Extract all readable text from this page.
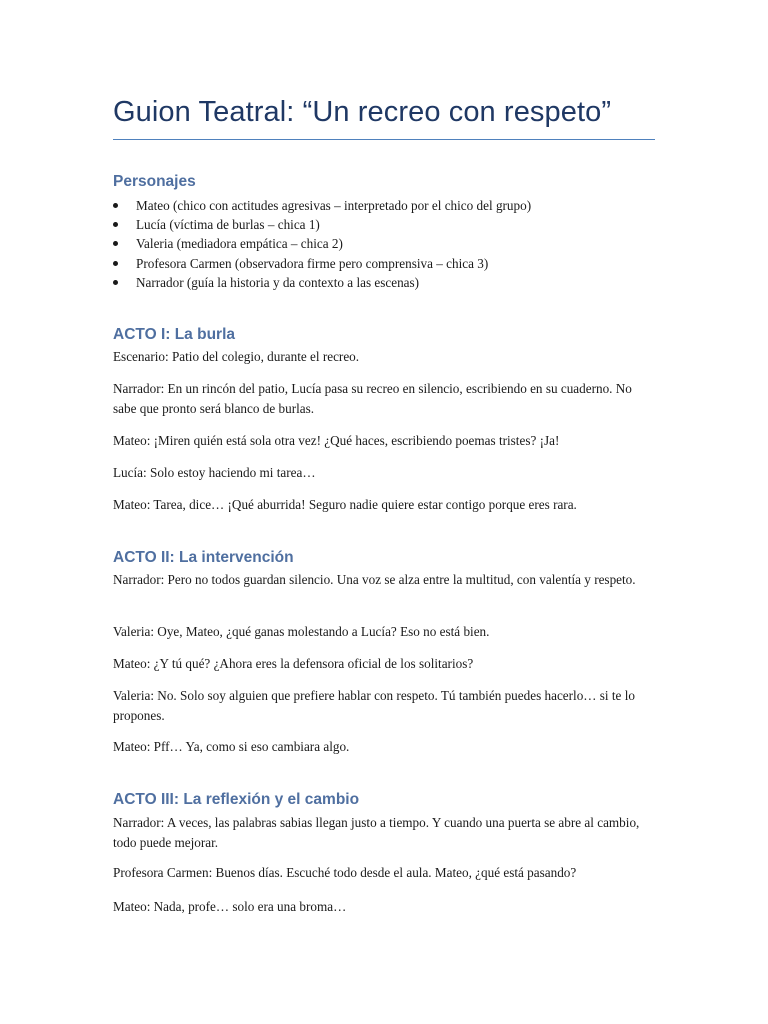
Guion Teatral: “Un recreo con respeto”
Personajes
Mateo (chico con actitudes agresivas – interpretado por el chico del grupo)
Lucía (víctima de burlas – chica 1)
Valeria (mediadora empática – chica 2)
Profesora Carmen (observadora firme pero comprensiva – chica 3)
Narrador (guía la historia y da contexto a las escenas)
ACTO I: La burla

Escenario: Patio del colegio, durante el recreo.

Narrador: En un rincón del patio, Lucía pasa su recreo en silencio, escribiendo en su cuaderno. No sabe que pronto será blanco de burlas.

Mateo: ¡Miren quién está sola otra vez! ¿Qué haces, escribiendo poemas tristes? ¡Ja!

Lucía: Solo estoy haciendo mi tarea…

Mateo: Tarea, dice… ¡Qué aburrida! Seguro nadie quiere estar contigo porque eres rara.

ACTO II: La intervención

Narrador: Pero no todos guardan silencio. Una voz se alza entre la multitud, con valentía y respeto.

Valeria: Oye, Mateo, ¿qué ganas molestando a Lucía? Eso no está bien.

Mateo: ¿Y tú qué? ¿Ahora eres la defensora oficial de los solitarios?

Valeria: No. Solo soy alguien que prefiere hablar con respeto. Tú también puedes hacerlo… si te lo propones.

Mateo: Pff… Ya, como si eso cambiara algo.

ACTO III: La reflexión y el cambio

Narrador: A veces, las palabras sabias llegan justo a tiempo. Y cuando una puerta se abre al cambio, todo puede mejorar.

Profesora Carmen: Buenos días. Escuché todo desde el aula. Mateo, ¿qué está pasando?

Mateo: Nada, profe… solo era una broma…
